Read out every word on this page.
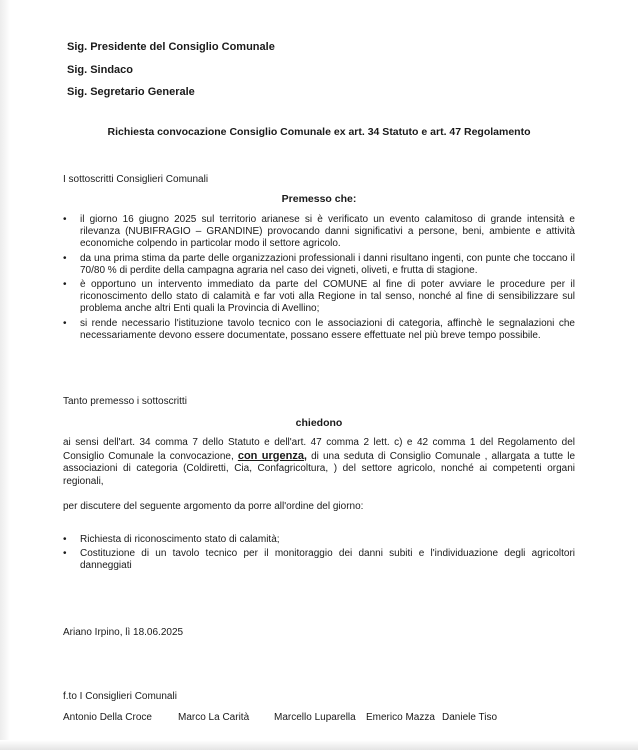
Sig. Presidente del Consiglio Comunale

Sig. Sindaco

Sig. Segretario Generale

Richiesta convocazione Consiglio Comunale ex art. 34 Statuto e art. 47 Regolamento

I sottoscritti Consiglieri Comunali

Premesso che:

• il giorno 16 giugno 2025 sul territorio arianese si è verificato un evento calamitoso di grande intensità e rilevanza (NUBIFRAGIO – GRANDINE) provocando danni significativi a persone, beni, ambiente e attività economiche colpendo in particolar modo il settore agricolo.
• da una prima stima da parte delle organizzazioni professionali i danni risultano ingenti, con punte che toccano il 70/80 % di perdite della campagna agraria nel caso dei vigneti, oliveti, e frutta di stagione.
• è opportuno un intervento immediato da parte del COMUNE al fine di poter avviare le procedure per il riconoscimento dello stato di calamità e far voti alla Regione in tal senso, nonché al fine di sensibilizzare sul problema anche altri Enti quali la Provincia di Avellino;
• si rende necessario l'istituzione tavolo tecnico con le associazioni di categoria, affinchè le segnalazioni che necessariamente devono essere documentate, possano essere effettuate nel più breve tempo possibile.

Tanto premesso i sottoscritti

chiedono

ai sensi dell'art. 34 comma 7 dello Statuto e dell'art. 47 comma 2 lett. c) e 42 comma 1 del Regolamento del Consiglio Comunale la convocazione, con urgenza, di una seduta di Consiglio Comunale , allargata a tutte le associazioni di categoria (Coldiretti, Cia, Confagricoltura, ) del settore agricolo, nonché ai competenti organi regionali,

per discutere del seguente argomento da porre all'ordine del giorno:

• Richiesta di riconoscimento stato di calamità;
• Costituzione di un tavolo tecnico per il monitoraggio dei danni subiti e l'individuazione degli agricoltori danneggiati

Ariano Irpino, lì 18.06.2025

f.to I Consiglieri Comunali

Antonio Della Croce	Marco La Carità Marcello Luparella Emerico Mazza Daniele Tiso
